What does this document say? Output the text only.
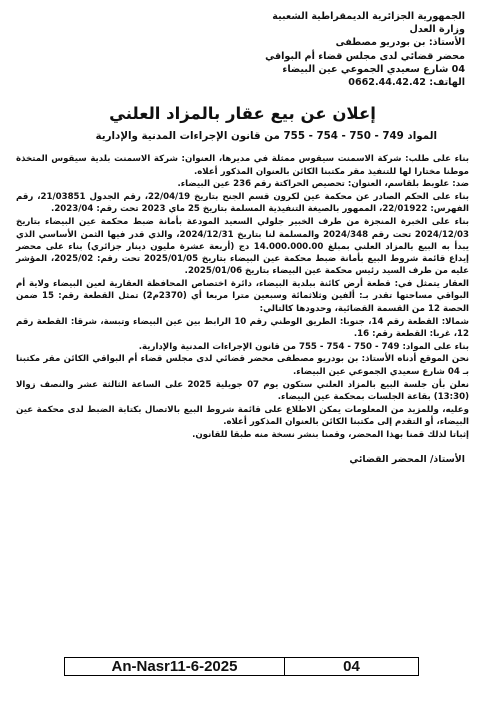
الجمهورية الجزائرية الديمقراطية الشعبية
وزارة العدل
الأستاذ: بن بودريو مصطفى
محضر قضائي لدى مجلس قضاء أم البواقي
04 شارع سعيدي الجموعي عين البيضاء
الهاتف: 0662.44.42.42
إعلان عن بيع عقار بالمزاد العلني
المواد 749 - 750 - 754 - 755 من قانون الإجراءات المدنية والإدارية

بناء على طلب: شركة الاسمنت سيقوس ممثلة في مديرها، العنوان: شركة الاسمنت بلدية سيقوس المتخذة موطنا مختارا لها للتنفيذ مقر مكتبنا الكائن بالعنوان المذكور أعلاه.

ضد: علوبط بلقاسم، العنوان: تحصيص الحراكتة رقم 236 عين البيضاء.

بناء على الحكم الصادر عن محكمة عين لكرون قسم الجنح بتاريخ 22/04/19، رقم الجدول 21/03851، رقم الفهرس: 22/01922، الممهور بالصيغة التنفيذية المسلمة بتاريخ 25 ماي 2023 تحت رقم: 2023/04.

بناء على الخبرة المنجزة من طرف الخبير جلولي السعيد المودعة بأمانة ضبط محكمة عين البيضاء بتاريخ 2024/12/03 تحت رقم 2024/348 والمسلمة لنا بتاريخ 2024/12/31، والذي قدر فيها الثمن الأساسي الذي يبدأ به البيع بالمزاد العلني بمبلغ 14.000.000.00 دج (أربعة عشرة مليون دينار جزائري) بناء على محضر إيداع قائمة شروط البيع بأمانة ضبط محكمة عين البيضاء بتاريخ 2025/01/05 تحت رقم: 2025/02، المؤشر عليه من طرف السيد رئيس محكمة عين البيضاء بتاريخ 2025/01/06.

العقار يتمثل في: قطعة أرض كائنة ببلدية البيضاء، دائرة اختصاص المحافظة العقارية لعين البيضاء ولاية أم البواقي مساحتها تقدر بـ: ألفين وثلاثمائة وسبعين مترا مربعا أي (2370م2) تمثل القطعة رقم: 15 ضمن الحصة 12 من القسمة القضائية، وحدودها كالتالي:

شمالا: القطعة رقم 14، جنوبا: الطريق الوطني رقم 10 الرابط بين عين البيضاء وتبسة، شرقا: القطعة رقم 12، غربا: القطعة رقم: 16.

بناء على المواد: 749 - 750 - 754 - 755 من قانون الإجراءات المدنية والإدارية.

نحن الموقع أدناه الأستاذ: بن بودريو مصطفى محضر قضائي لدى مجلس قضاء أم البواقي الكائن مقر مكتبنا بـ 04 شارع سعيدي الجموعي عين البيضاء.

نعلن بأن جلسة البيع بالمزاد العلني ستكون يوم 07 جويلية 2025 على الساعة الثالثة عشر والنصف زوالا (13:30) بقاعة الجلسات بمحكمة عين البيضاء.

وعليه، وللمزيد من المعلومات يمكن الاطلاع على قائمة شروط البيع بالاتصال بكتابة الضبط لدى محكمة عين البيضاء، أو التقدم إلى مكتبنا الكائن بالعنوان المذكور أعلاه.

إثباتا لذلك قمنا بهذا المحضر، وقمنا بنشر نسخة منه طبقا للقانون.

الأستاذ/ المحضر القضائي
An-Nasr11-6-2025	04
